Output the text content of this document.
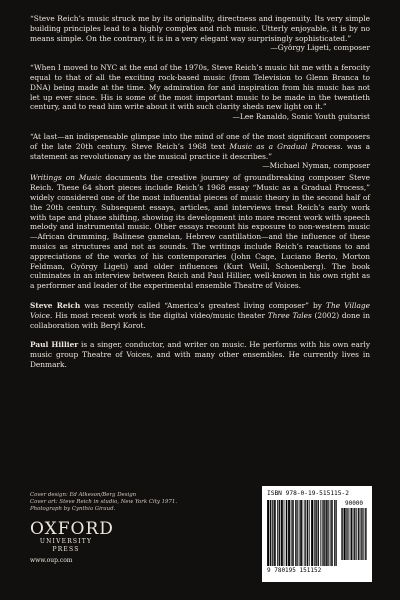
“Steve Reich’s music struck me by its originality, directness and ingenuity. Its very simple building principles lead to a highly complex and rich music. Utterly enjoyable, it is by no means simple. On the contrary, it is in a very elegant way surprisingly sophisticated.”

—György Ligeti, composer

“When I moved to NYC at the end of the 1970s, Steve Reich’s music hit me with a ferocity equal to that of all the exciting rock-based music (from Television to Glenn Branca to DNA) being made at the time. My admiration for and inspiration from his music has not let up ever since. His is some of the most important music to be made in the twentieth century, and to read him write about it with such clarity sheds new light on it.”

—Lee Ranaldo, Sonic Youth guitarist

“At last—an indispensable glimpse into the mind of one of the most significant composers of the late 20th century. Steve Reich’s 1968 text Music as a Gradual Process. was a statement as revolutionary as the musical practice it describes.”
—Michael Nyman, composer

Writings on Music documents the creative journey of groundbreaking composer Steve Reich. These 64 short pieces include Reich’s 1968 essay “Music as a Gradual Process,” widely considered one of the most influential pieces of music theory in the second half of the 20th century. Subsequent essays, articles, and interviews treat Reich’s early work with tape and phase shifting, showing its development into more recent work with speech melody and instrumental music. Other essays recount his exposure to non-western music—African drumming, Balinese gamelan, Hebrew cantillation—and the influence of these musics as structures and not as sounds. The writings include Reich’s reactions to and appreciations of the works of his contemporaries (John Cage, Luciano Berio, Morton Feldman, György Ligeti) and older influences (Kurt Weill, Schoenberg). The book culminates in an interview between Reich and Paul Hillier, well-known in his own right as a performer and leader of the experimental ensemble Theatre of Voices.

Steve Reich was recently called “America’s greatest living composer” by The Village Voice. His most recent work is the digital video/music theater Three Tales (2002) done in collaboration with Beryl Korot.

Paul Hillier is a singer, conductor, and writer on music. He performs with his own early music group Theatre of Voices, and with many other ensembles. He currently lives in Denmark.

Cover design: Ed Atkeson/Berg Design
Cover art: Steve Reich in studio, New York City 1971.
Photograph by Cynthia Giraud.
OXFORD
UNIVERSITY PRESS
www.oup.com
ISBN 978-0-19-515115-2
90000
9 780195 151152
